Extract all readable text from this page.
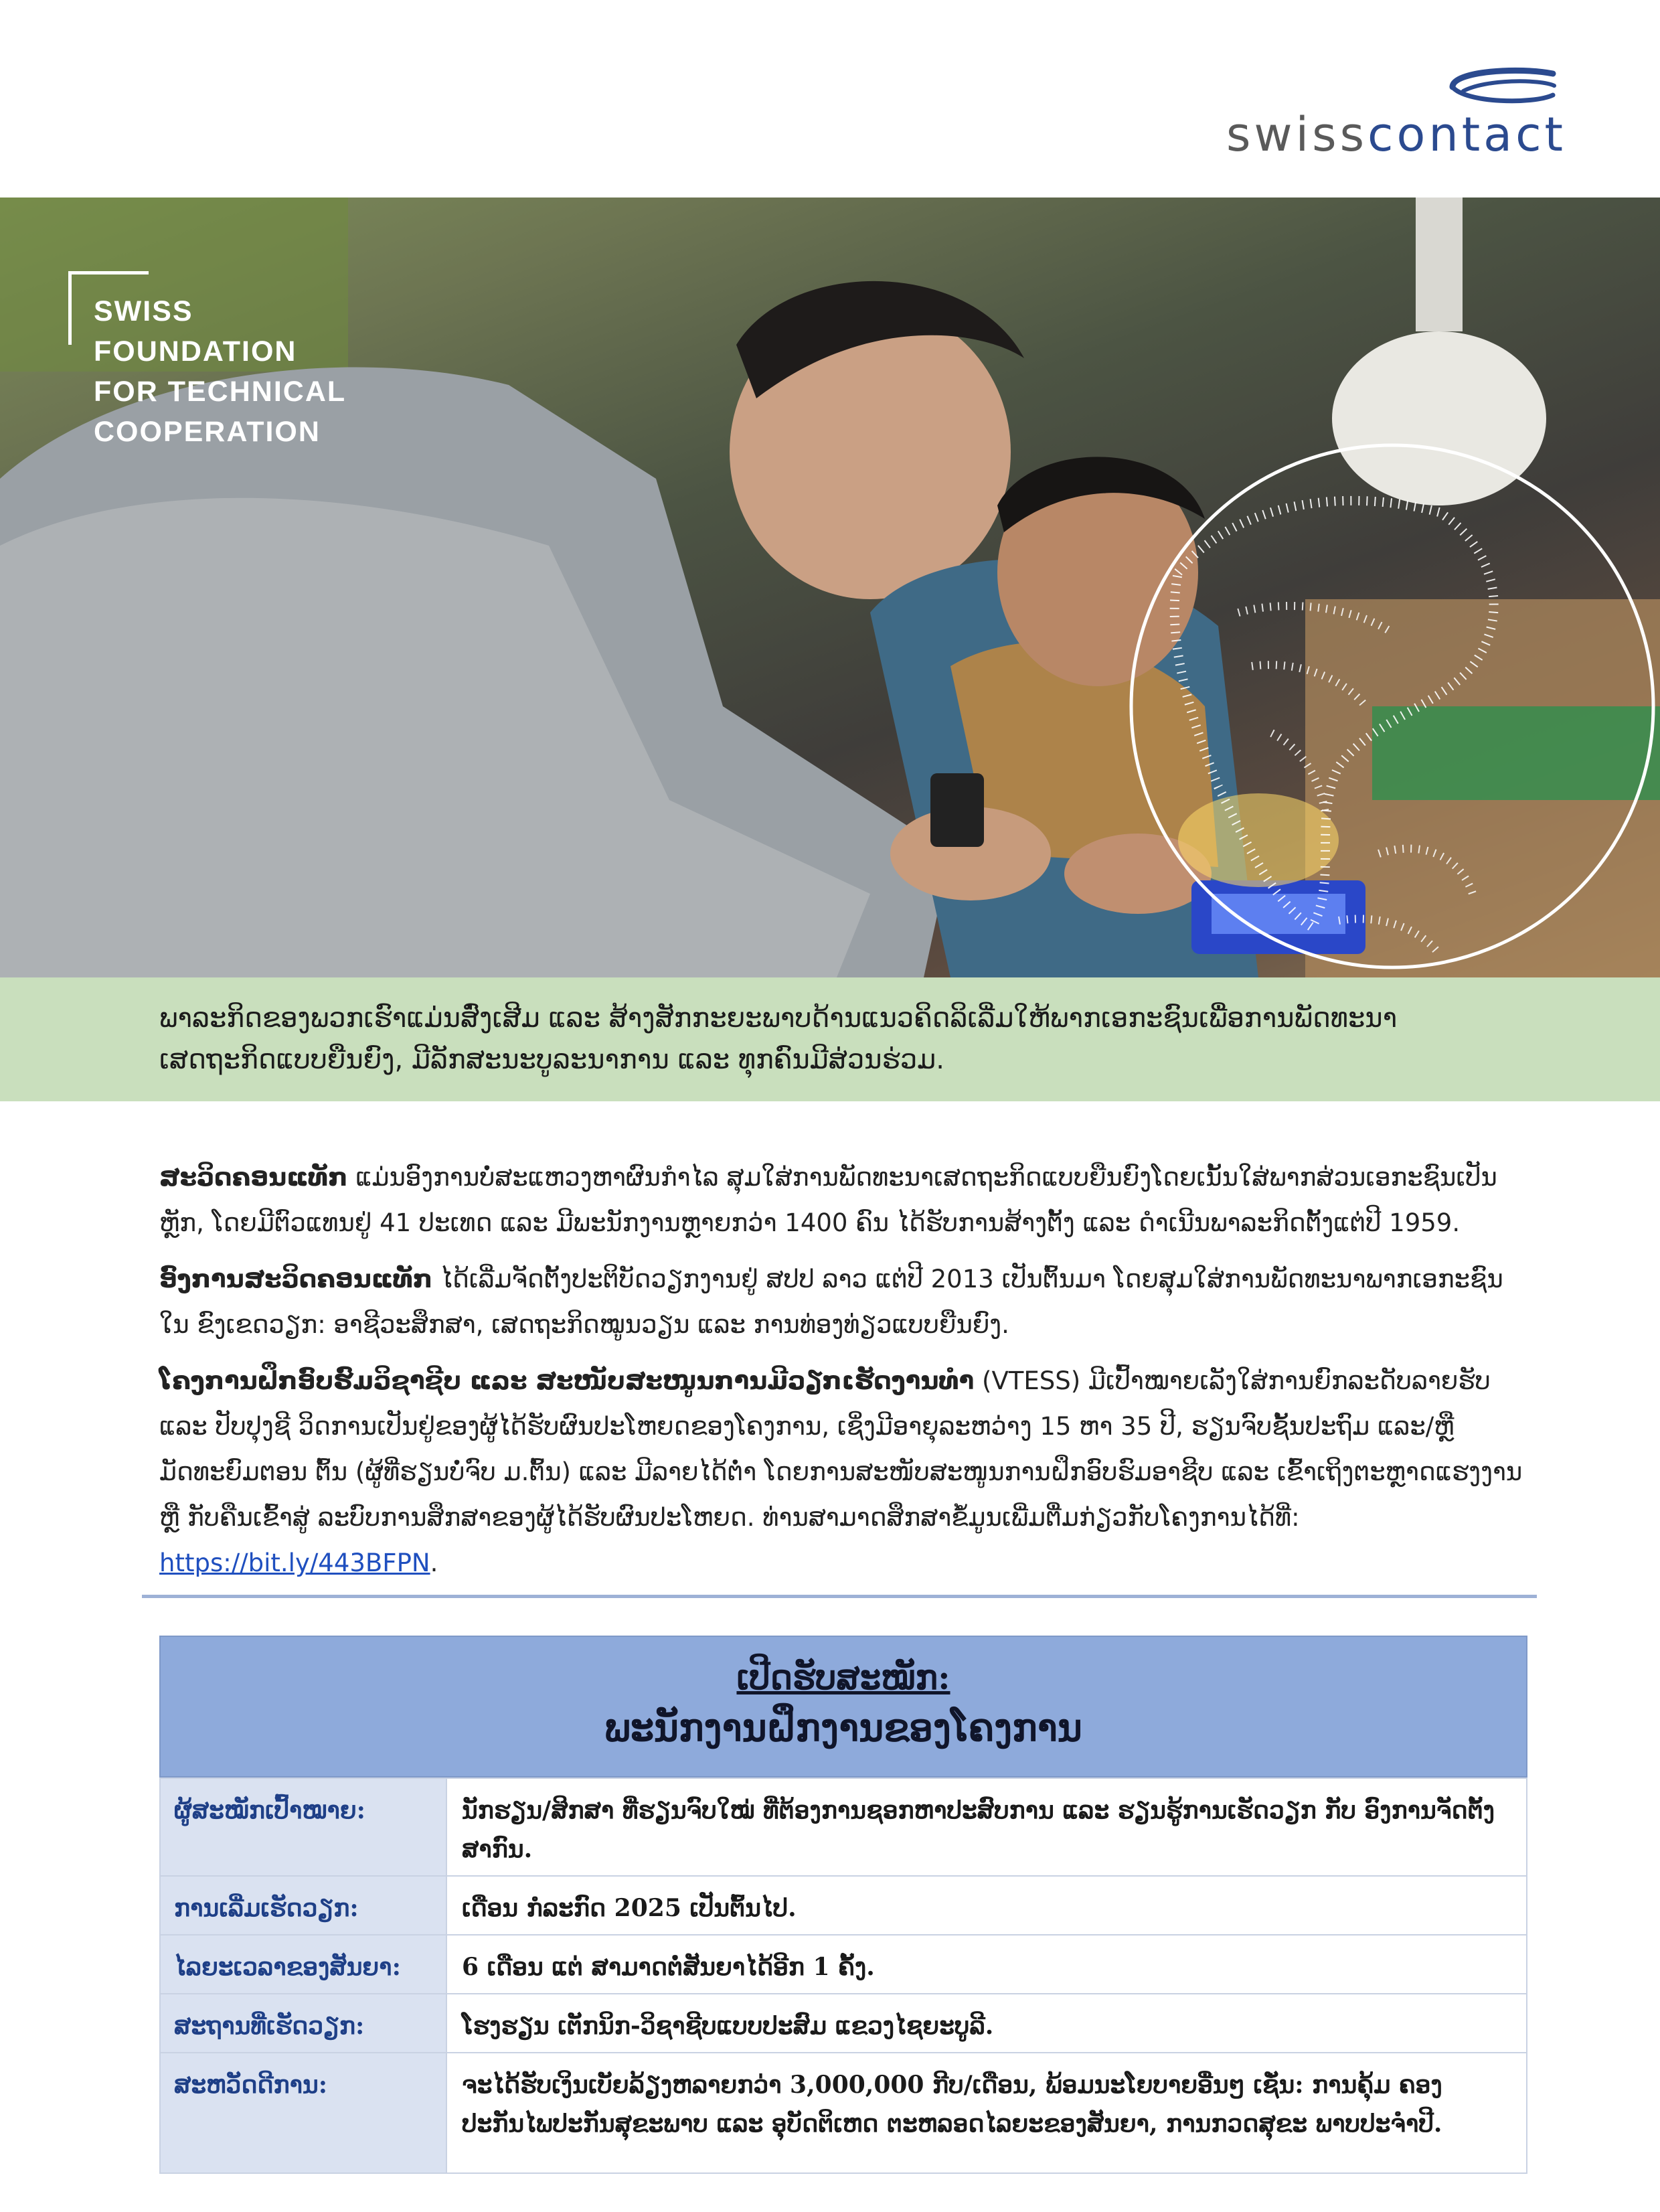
swisscontact
SWISS
FOUNDATION
FOR TECHNICAL
COOPERATION

ພາລະກິດຂອງພວກເຮົາແມ່ນສົ່ງເສີມ ແລະ ສ້າງສັກກະຍະພາບດ້ານແນວຄິດລິເລີ່ມໃຫ້ພາກເອກະຊົນເພື່ອການພັດທະນາເສດຖະກິດແບບຍືນຍົງ, ມີລັກສະນະບູລະນາການ ແລະ ທຸກຄົນມີສ່ວນຮ່ວມ.

ສະວິດຄອນແທັກ ແມ່ນອົງການບໍ່ສະແຫວງຫາຜົນກຳໄລ ສຸມໃສ່ການພັດທະນາເສດຖະກິດແບບຍືນຍົງໂດຍເນັ້ນໃສ່ພາກສ່ວນເອກະຊົນເປັນຫຼັກ, ໂດຍມີຕົວແທນຢູ່ 41 ປະເທດ ແລະ ມີພະນັກງານຫຼາຍກວ່າ 1400 ຄົນ ໄດ້ຮັບການສ້າງຕັ້ງ ແລະ ດຳເນີນພາລະກິດຕັ້ງແຕ່ປີ 1959.

ອົງການສະວິດຄອນແທັກ ໄດ້ເລີ່ມຈັດຕັ້ງປະຕິບັດວຽກງານຢູ່ ສປປ ລາວ ແຕ່ປີ 2013 ເປັນຕົ້ນມາ ໂດຍສຸມໃສ່ການພັດທະນາພາກເອກະຊົນໃນ ຂົງເຂດວຽກ: ອາຊີວະສຶກສາ, ເສດຖະກິດໝູນວຽນ ແລະ ການທ່ອງທ່ຽວແບບຍືນຍົງ.

ໂຄງການຝຶກອົບຮົມວິຊາຊີບ ແລະ ສະໜັບສະໜູນການມີວຽກເຮັດງານທຳ (VTESS) ມີເປົ້າໝາຍເລັງໃສ່ການຍົກລະດັບລາຍຮັບ ແລະ ປັບປຸງຊີ ວິດການເປັນຢູ່ຂອງຜູ້ໄດ້ຮັບຜົນປະໂຫຍດຂອງໂຄງການ, ເຊິ່ງມີອາຍຸລະຫວ່າງ 15 ຫາ 35 ປີ, ຮຽນຈົບຊັ້ນປະຖົມ ແລະ/ຫຼື ມັດທະຍົມຕອນ ຕົ້ນ (ຜູ້ທີ່ຮຽນບໍ່ຈົບ ມ.ຕົ້ນ) ແລະ ມີລາຍໄດ້ຕ່ຳ ໂດຍການສະໜັບສະໜູນການຝຶກອົບຮົມອາຊີບ ແລະ ເຂົ້າເຖິງຕະຫຼາດແຮງງານ ຫຼື ກັບຄືນເຂົ້າສູ່ ລະບົບການສຶກສາຂອງຜູ້ໄດ້ຮັບຜົນປະໂຫຍດ. ທ່ານສາມາດສຶກສາຂໍ້ມູນເພີ່ມຕື່ມກ່ຽວກັບໂຄງການໄດ້ທີ່: https://bit.ly/443BFPN.

ເປີດຮັບສະໝັກ:
ພະນັກງານຝຶກງານຂອງໂຄງການ
ຜູ້ສະໝັກເປົ້າໝາຍ:	ນັກຮຽນ/ສິກສາ ທີ່ຮຽນຈົບໃໝ່ ທີ່ຕ້ອງການຊອກຫາປະສົບການ ແລະ ຮຽນຮູ້ການເຮັດວຽກ ກັບ ອົງການຈັດຕັ້ງສາກົນ.
ການເລີ່ມເຮັດວຽກ:	ເດືອນ ກໍລະກົດ 2025 ເປັນຕົ້ນໄປ.
ໄລຍະເວລາຂອງສັນຍາ:	6 ເດືອນ ແຕ່ ສາມາດຕໍ່ສັນຍາໄດ້ອີກ 1 ຄັ້ງ.
ສະຖານທີ່ເຮັດວຽກ:	ໂຮງຮຽນ ເຕັກນິກ-ວິຊາຊີບແບບປະສົມ ແຂວງໄຊຍະບູລີ.
ສະຫວັດດີການ:	ຈະໄດ້ຮັບເງິນເບັຍລ້ຽງຫລາຍກວ່າ 3,000,000 ກີບ/ເດືອນ, ພ້ອມນະໂຍບາຍອື່ນໆ ເຊັ່ນ: ການຄຸ້ມ ຄອງປະກັນໄພປະກັນສຸຂະພາບ ແລະ ອຸບັດຕິເຫດ ຕະຫລອດໄລຍະຂອງສັນຍາ, ການກວດສຸຂະ ພາບປະຈຳປີ.
